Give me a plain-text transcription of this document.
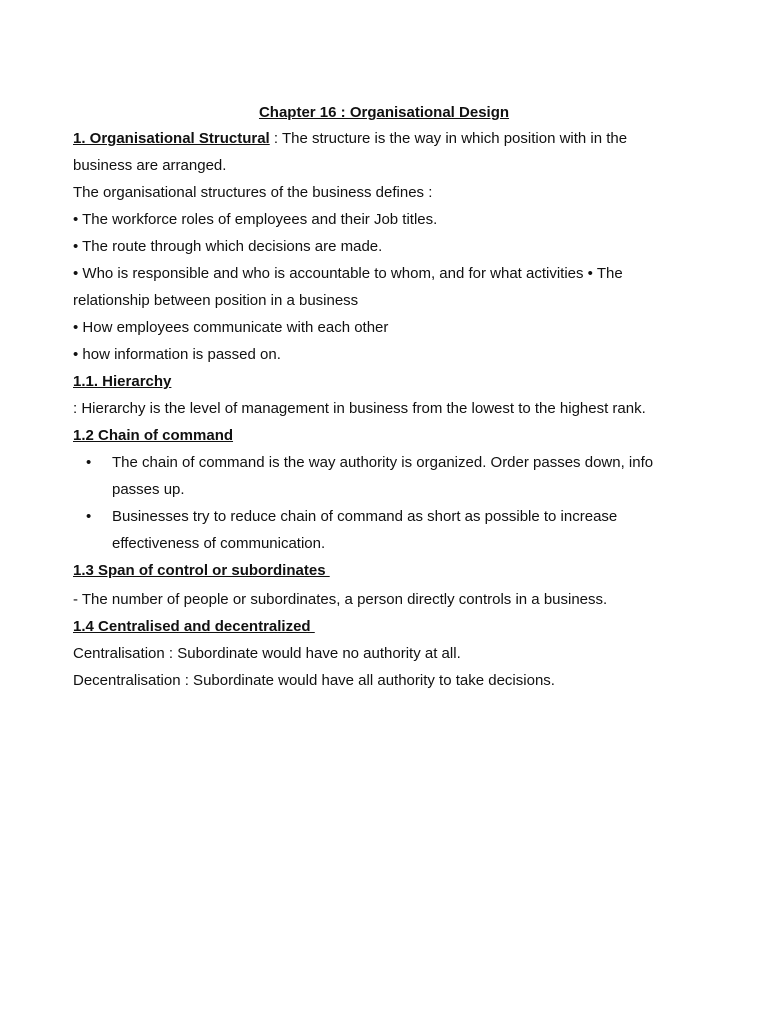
Chapter 16 : Organisational Design
1. Organisational Structural : The structure is the way in which position with in the
business are arranged.
The organisational structures of the business defines :
• The workforce roles of employees and their Job titles.
• The route through which decisions are made.
• Who is responsible and who is accountable to whom, and for what activities • The
relationship between position in a business
• How employees communicate with each other
• how information is passed on.
1.1. Hierarchy
: Hierarchy is the level of management in business from the lowest to the highest rank.
1.2 Chain of command
• The chain of command is the way authority is organized. Order passes down, info
passes up.
• Businesses try to reduce chain of command as short as possible to increase
effectiveness of communication.
1.3 Span of control or subordinates
- The number of people or subordinates, a person directly controls in a business.
1.4 Centralised and decentralized
Centralisation : Subordinate would have no authority at all.
Decentralisation : Subordinate would have all authority to take decisions.
